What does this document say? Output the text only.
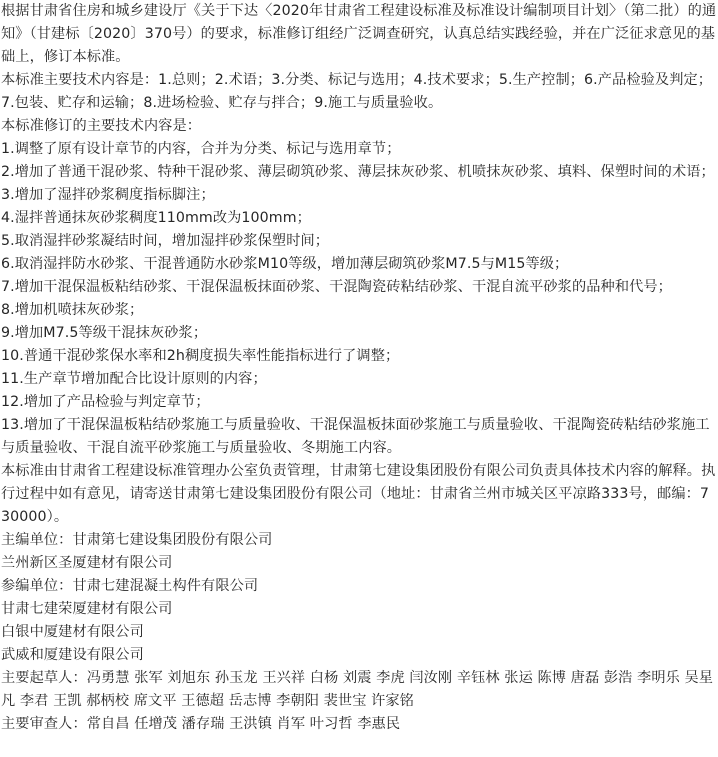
根据甘肃省住房和城乡建设厅《关于下达〈2020年甘肃省工程建设标准及标准设计编制项目计划〉（第二批）的通知》（甘建标〔2020〕370号）的要求，标准修订组经广泛调查研究，认真总结实践经验，并在广泛征求意见的基础上，修订本标准。

本标准主要技术内容是：1.总则；2.术语；3.分类、标记与选用；4.技术要求；5.生产控制；6.产品检验及判定；7.包装、贮存和运输；8.进场检验、贮存与拌合；9.施工与质量验收。

本标准修订的主要技术内容是：

1.调整了原有设计章节的内容，合并为分类、标记与选用章节；

2.增加了普通干混砂浆、特种干混砂浆、薄层砌筑砂浆、薄层抹灰砂浆、机喷抹灰砂浆、填料、保塑时间的术语；

3.增加了湿拌砂浆稠度指标脚注；

4.湿拌普通抹灰砂浆稠度110mm改为100mm；

5.取消湿拌砂浆凝结时间，增加湿拌砂浆保塑时间；

6.取消湿拌防水砂浆、干混普通防水砂浆M10等级，增加薄层砌筑砂浆M7.5与M15等级；

7.增加干混保温板粘结砂浆、干混保温板抹面砂浆、干混陶瓷砖粘结砂浆、干混自流平砂浆的品种和代号；

8.增加机喷抹灰砂浆；

9.增加M7.5等级干混抹灰砂浆；

10.普通干混砂浆保水率和2h稠度损失率性能指标进行了调整；

11.生产章节增加配合比设计原则的内容；

12.增加了产品检验与判定章节；

13.增加了干混保温板粘结砂浆施工与质量验收、干混保温板抹面砂浆施工与质量验收、干混陶瓷砖粘结砂浆施工与质量验收、干混自流平砂浆施工与质量验收、冬期施工内容。

本标准由甘肃省工程建设标准管理办公室负责管理，甘肃第七建设集团股份有限公司负责具体技术内容的解释。执行过程中如有意见，请寄送甘肃第七建设集团股份有限公司（地址：甘肃省兰州市城关区平凉路333号，邮编：730000）。

主编单位：甘肃第七建设集团股份有限公司

兰州新区圣厦建材有限公司

参编单位：甘肃七建混凝土构件有限公司

甘肃七建荣厦建材有限公司

白银中厦建材有限公司

武威和厦建设有限公司

主要起草人：冯勇慧 张军 刘旭东 孙玉龙 王兴祥 白杨 刘震 李虎 闫汝刚 辛钰林 张运 陈博 唐磊 彭浩 李明乐 吴星凡 李君 王凯 郝柄校 席文平 王德超 岳志博 李朝阳 裴世宝 许家铭

主要审查人：常自昌 任增茂 潘存瑞 王洪镇 肖军 叶习哲 李惠民
